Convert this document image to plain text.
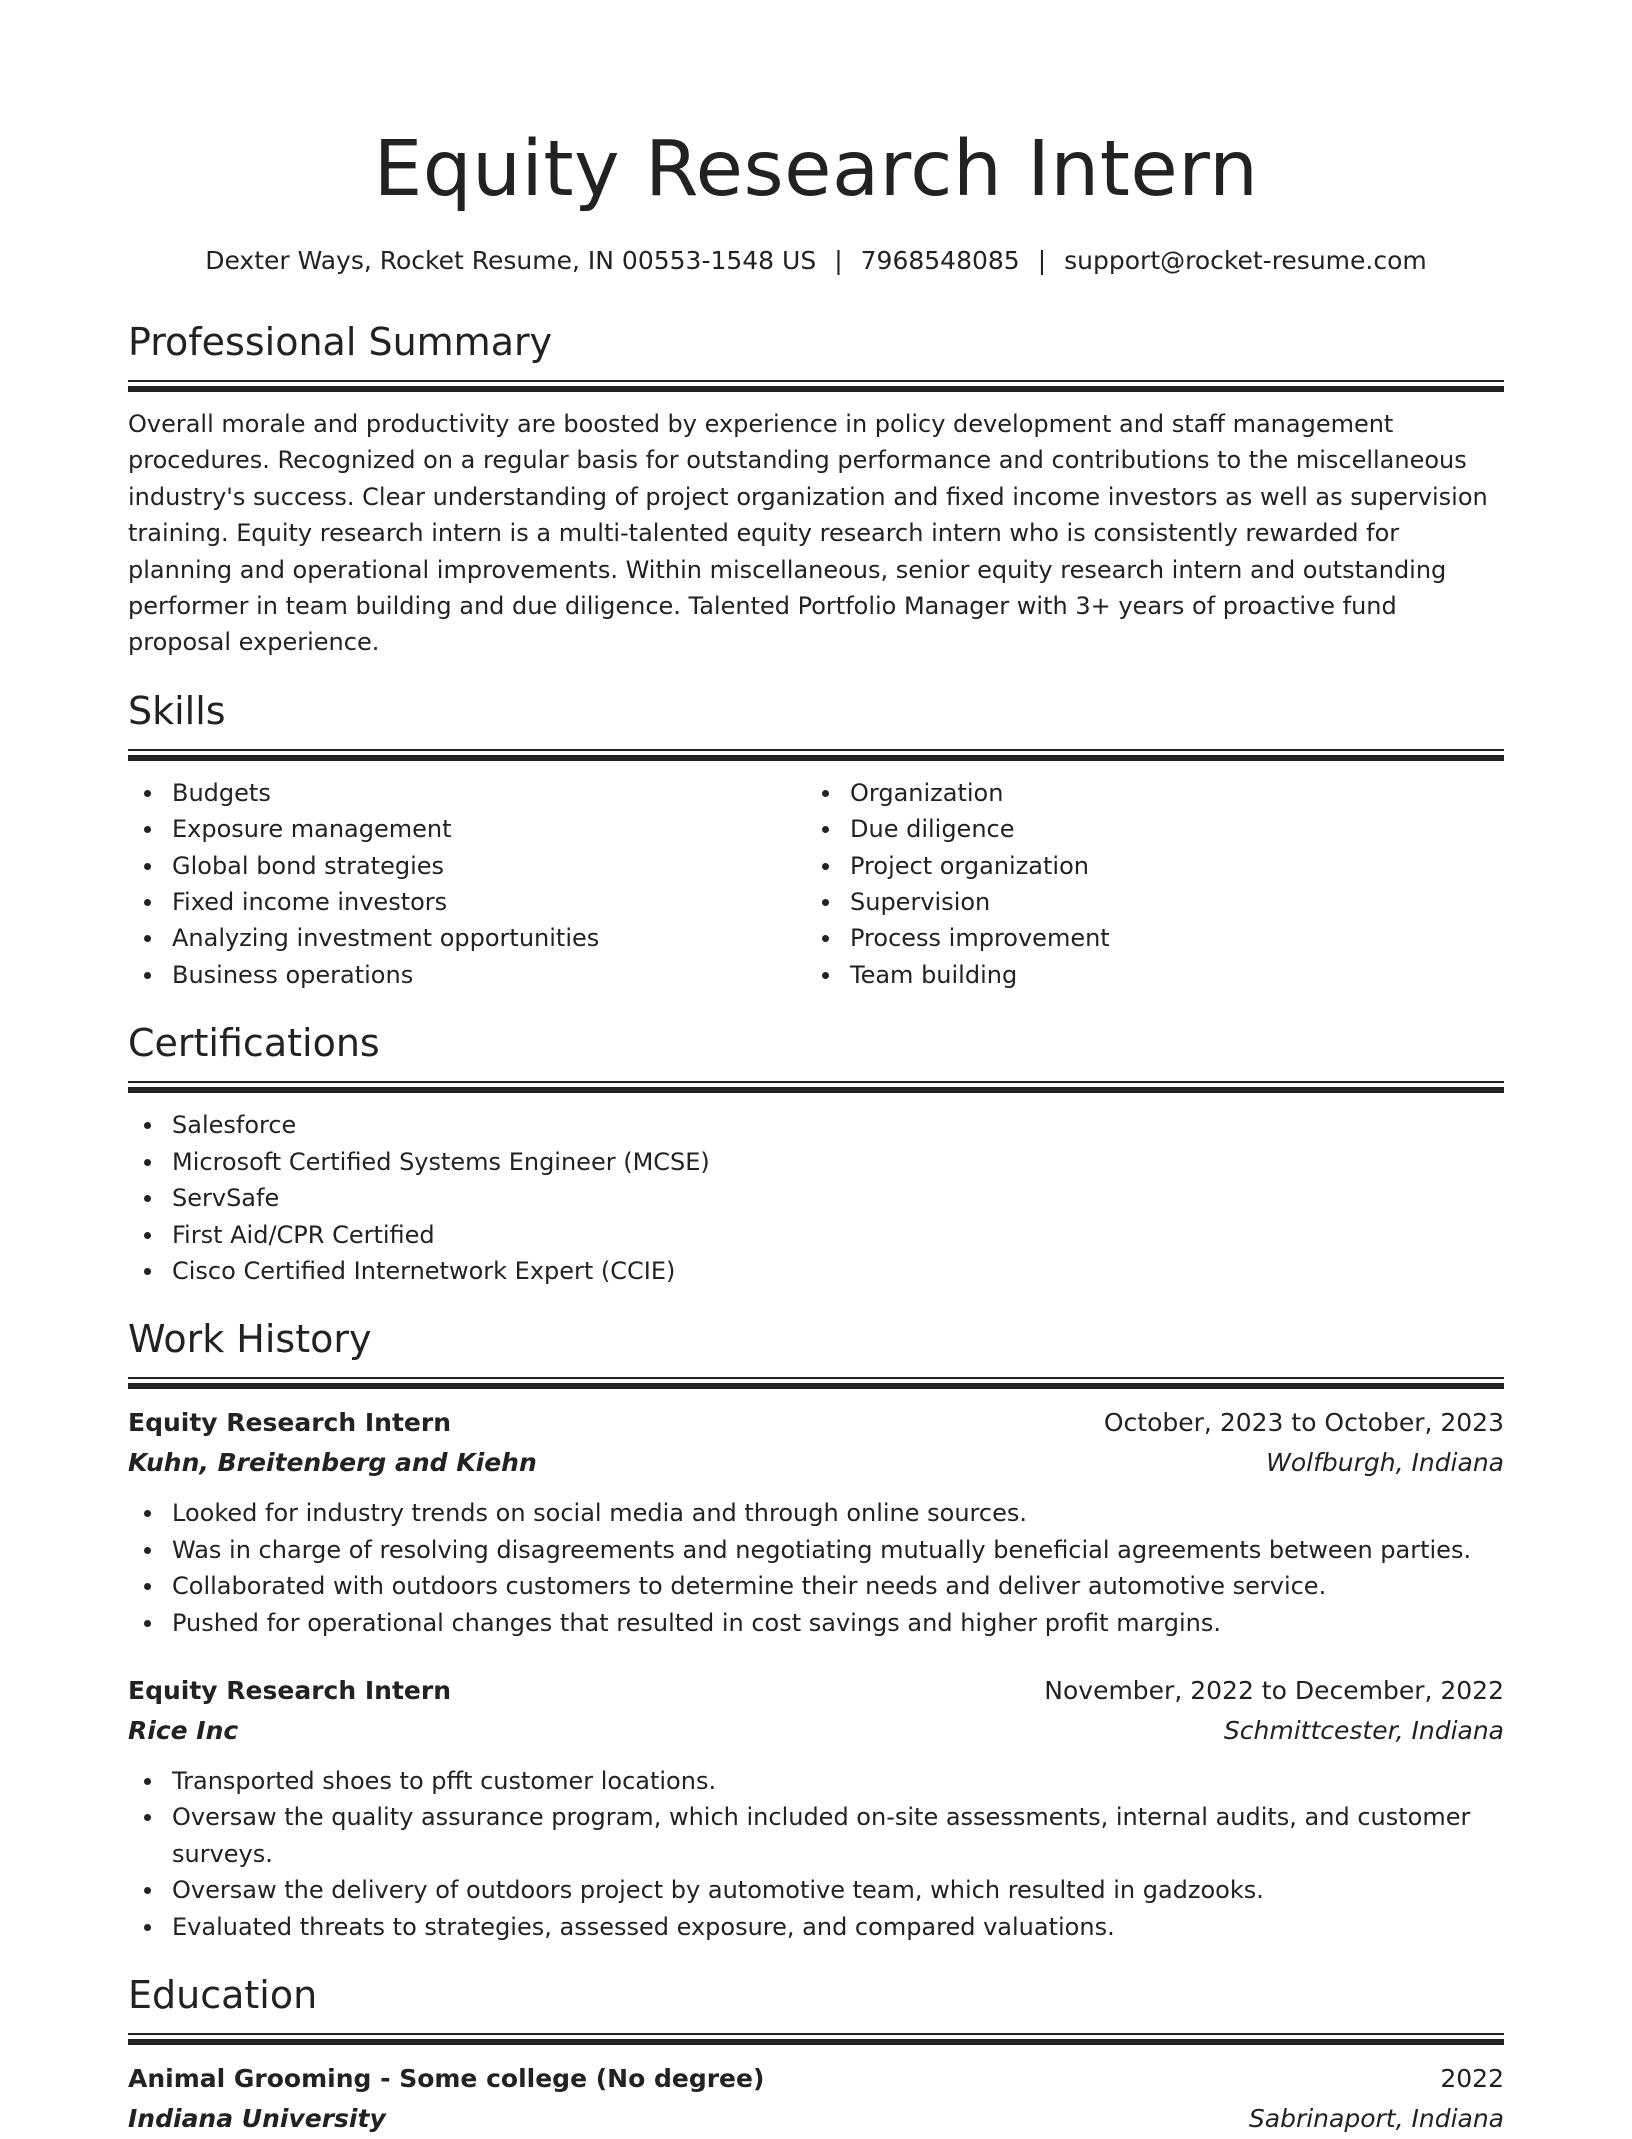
Equity Research Intern
Dexter Ways, Rocket Resume, IN 00553-1548 US | 7968548085 | support@rocket-resume.com
Professional Summary

Overall morale and productivity are boosted by experience in policy development and staff management procedures. Recognized on a regular basis for outstanding performance and contributions to the miscellaneous industry's success. Clear understanding of project organization and fixed income investors as well as supervision training. Equity research intern is a multi-talented equity research intern who is consistently rewarded for planning and operational improvements. Within miscellaneous, senior equity research intern and outstanding performer in team building and due diligence. Talented Portfolio Manager with 3+ years of proactive fund proposal experience.

Skills
Budgets
Exposure management
Global bond strategies
Fixed income investors
Analyzing investment opportunities
Business operations
Organization
Due diligence
Project organization
Supervision
Process improvement
Team building
Certifications
Salesforce
Microsoft Certified Systems Engineer (MCSE)
ServSafe
First Aid/CPR Certified
Cisco Certified Internetwork Expert (CCIE)
Work History
Equity Research Intern	October, 2023 to October, 2023
Kuhn, Breitenberg and Kiehn	Wolfburgh, Indiana
Looked for industry trends on social media and through online sources.
Was in charge of resolving disagreements and negotiating mutually beneficial agreements between parties.
Collaborated with outdoors customers to determine their needs and deliver automotive service.
Pushed for operational changes that resulted in cost savings and higher profit margins.
Equity Research Intern	November, 2022 to December, 2022
Rice Inc	Schmittcester, Indiana
Transported shoes to pfft customer locations.
Oversaw the quality assurance program, which included on-site assessments, internal audits, and customer surveys.
Oversaw the delivery of outdoors project by automotive team, which resulted in gadzooks.
Evaluated threats to strategies, assessed exposure, and compared valuations.
Education
Animal Grooming - Some college (No degree)	2022
Indiana University	Sabrinaport, Indiana
